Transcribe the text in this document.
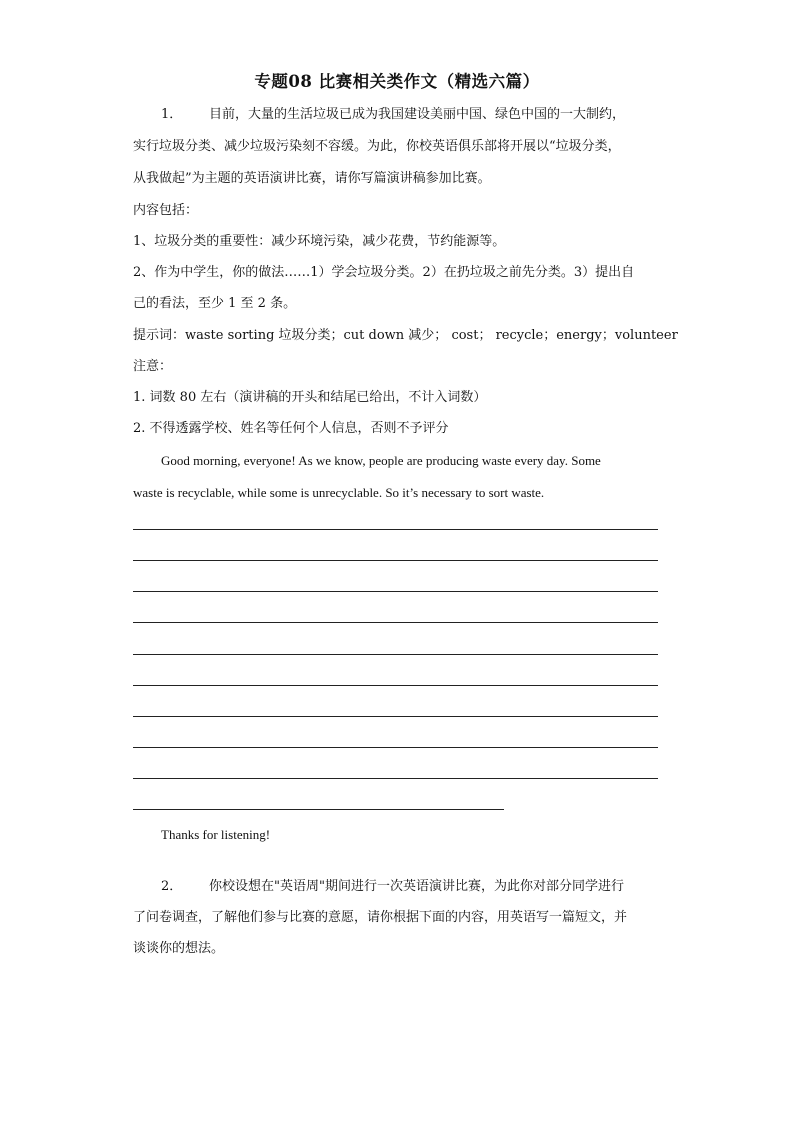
专题08 比赛相关类作文（精选六篇）
1． 目前，大量的生活垃圾已成为我国建设美丽中国、绿色中国的一大制约，
实行垃圾分类、减少垃圾污染刻不容缓。为此，你校英语俱乐部将开展以“垃圾分类，
从我做起”为主题的英语演讲比赛，请你写篇演讲稿参加比赛。
内容包括：
1、垃圾分类的重要性：减少环境污染，减少花费，节约能源等。
2、作为中学生，你的做法……1）学会垃圾分类。2）在扔垃圾之前先分类。3）提出自
己的看法，至少 1 至 2 条。
提示词：waste sorting 垃圾分类；cut down 减少； cost； recycle；energy；volunteer
注意：
1. 词数 80 左右（演讲稿的开头和结尾已给出，不计入词数）
2. 不得透露学校、姓名等任何个人信息，否则不予评分
Good morning, everyone! As we know, people are producing waste every day. Some
waste is recyclable, while some is unrecyclable. So it’s necessary to sort waste.
Thanks for listening!
2． 你校设想在"英语周"期间进行一次英语演讲比赛，为此你对部分同学进行
了问卷调查，了解他们参与比赛的意愿，请你根据下面的内容，用英语写一篇短文，并
谈谈你的想法。
